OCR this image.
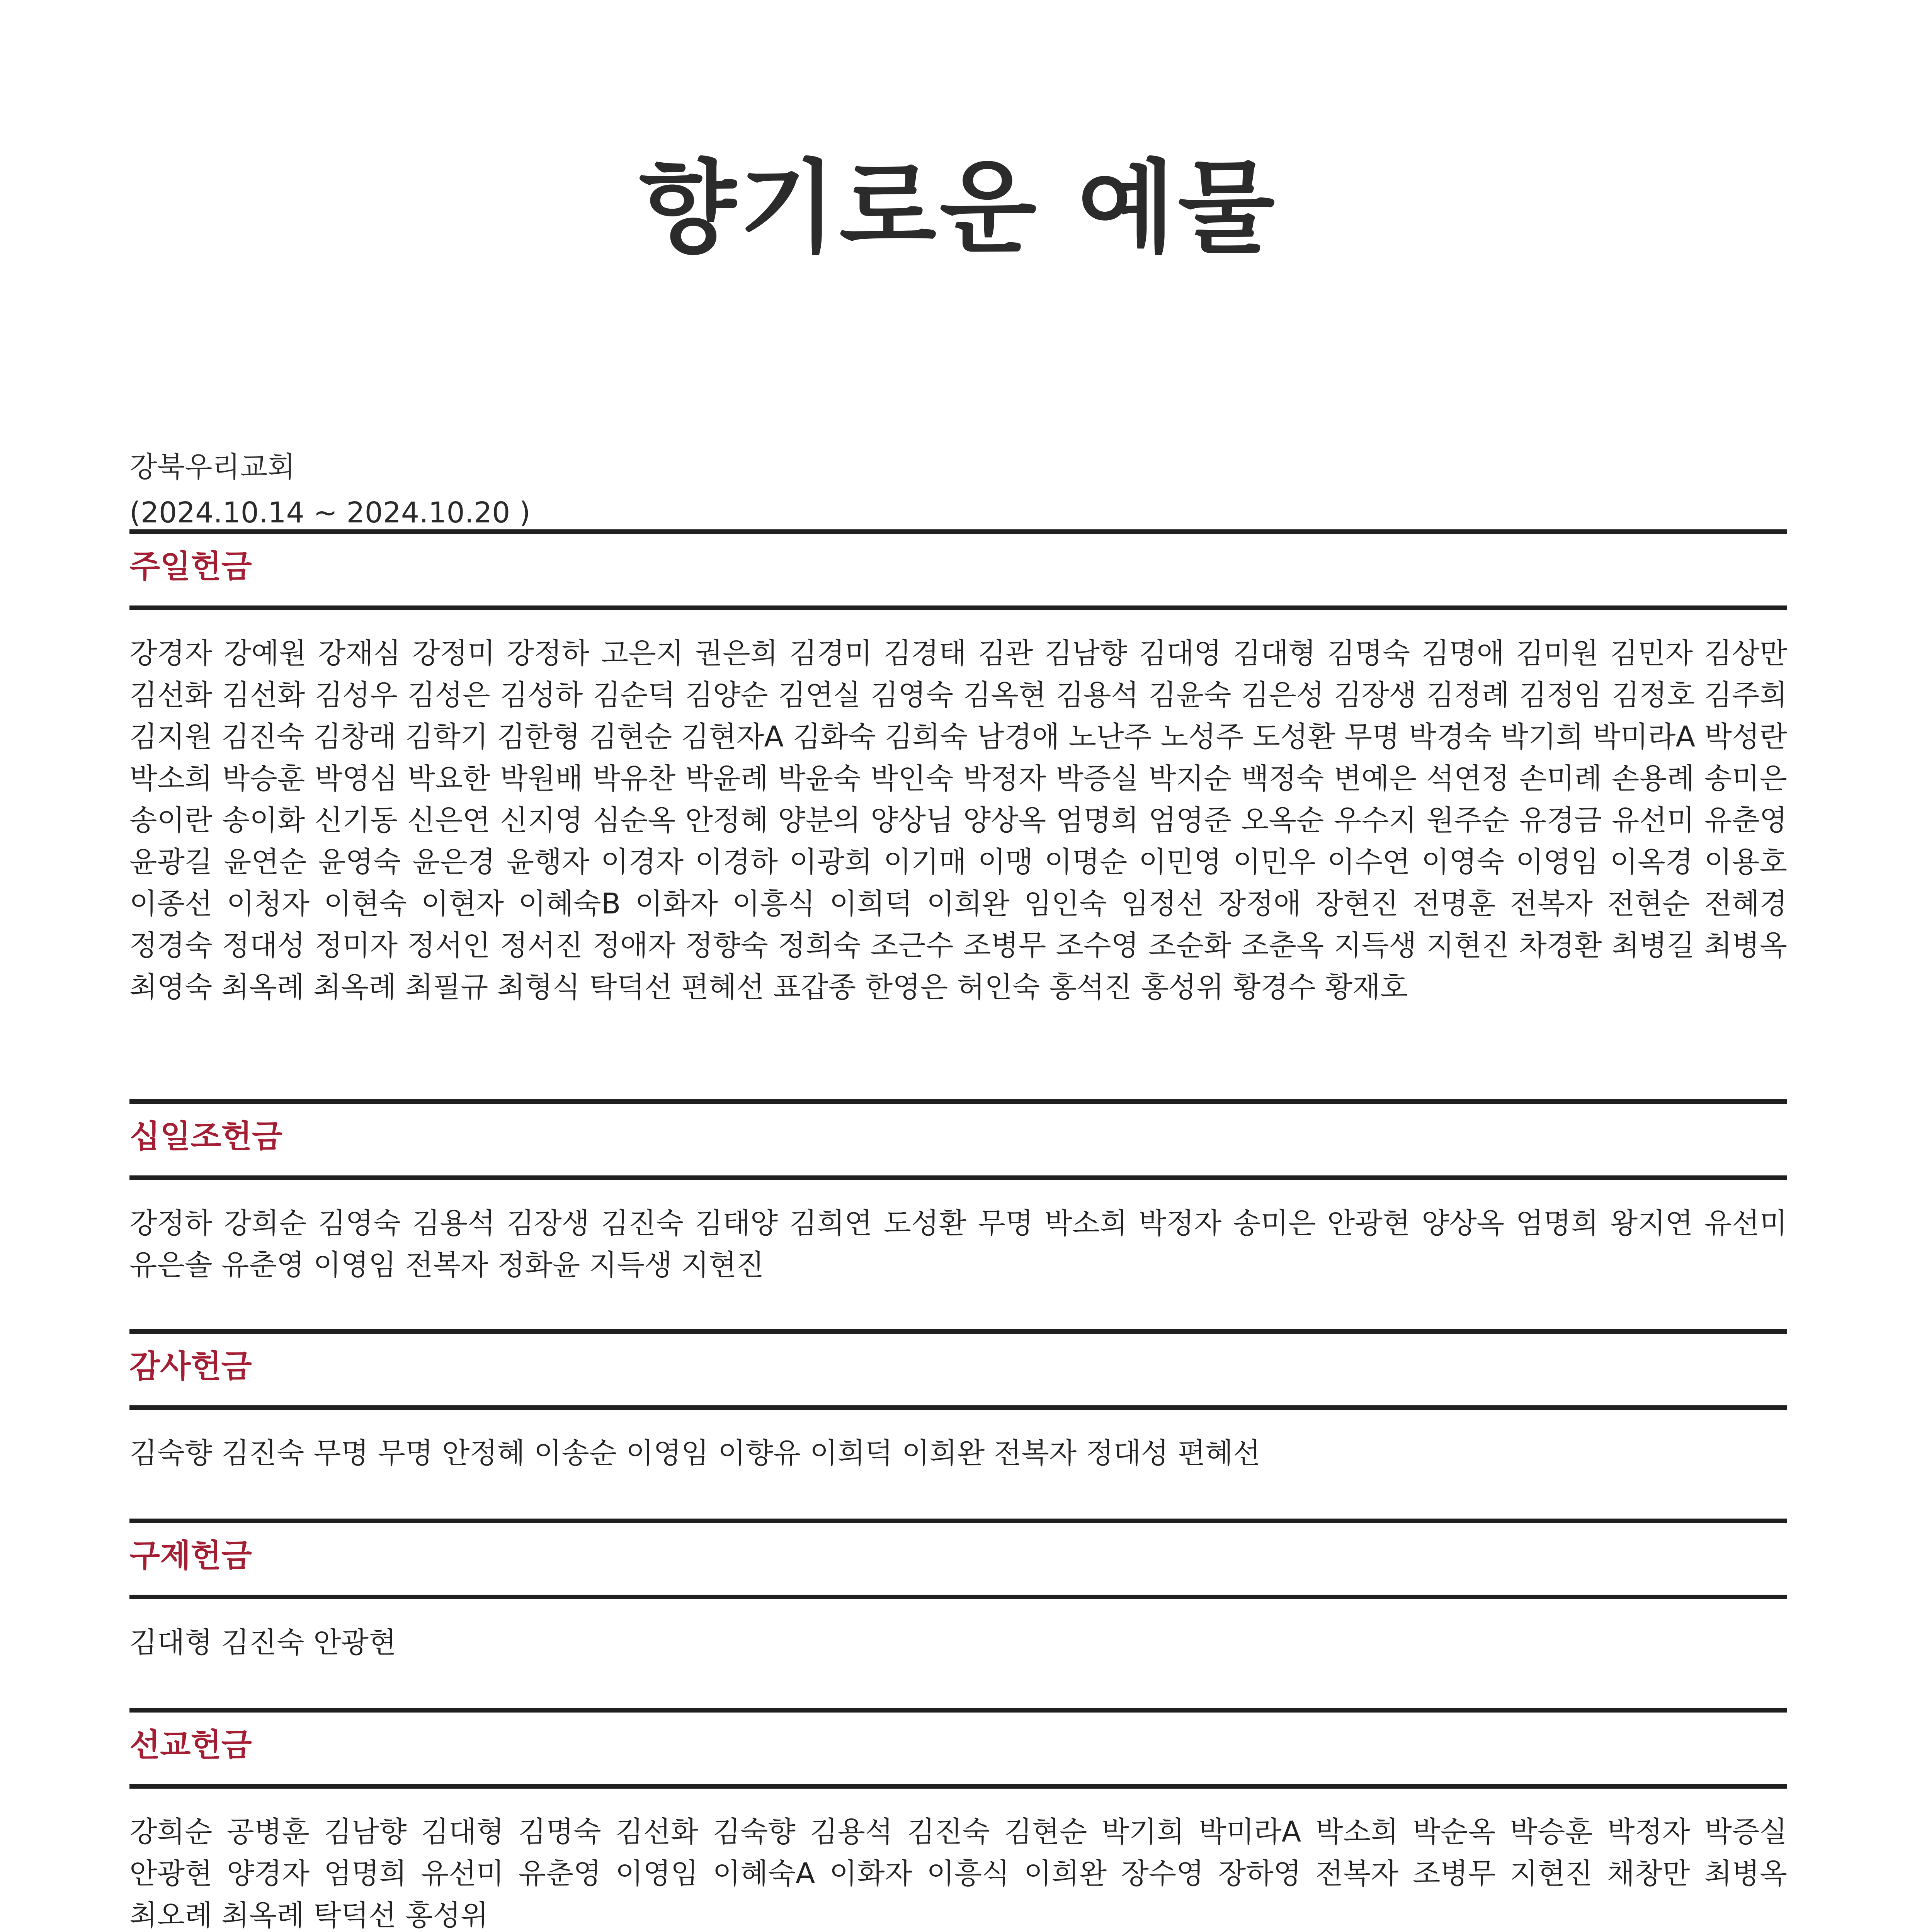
향기로운 예물
강북우리교회
(2024.10.14 ~ 2024.10.20 )
주일헌금
강경자 강예원 강재심 강정미 강정하 고은지 권은희 김경미 김경태 김관 김남향 김대영 김대형 김명숙 김명애 김미원 김민자 김상만 김선화 김선화 김성우 김성은 김성하 김순덕 김양순 김연실 김영숙 김옥현 김용석 김윤숙 김은성 김장생 김정례 김정임 김정호 김주희 김지원 김진숙 김창래 김학기 김한형 김현순 김현자A 김화숙 김희숙 남경애 노난주 노성주 도성환 무명 박경숙 박기희 박미라A 박성란 박소희 박승훈 박영심 박요한 박원배 박유찬 박윤례 박윤숙 박인숙 박정자 박증실 박지순 백정숙 변예은 석연정 손미례 손용례 송미은 송이란 송이화 신기동 신은연 신지영 심순옥 안정혜 양분의 양상님 양상옥 엄명희 엄영준 오옥순 우수지 원주순 유경금 유선미 유춘영 윤광길 윤연순 윤영숙 윤은경 윤행자 이경자 이경하 이광희 이기매 이맹 이명순 이민영 이민우 이수연 이영숙 이영임 이옥경 이용호 이종선 이청자 이현숙 이현자 이혜숙B 이화자 이흥식 이희덕 이희완 임인숙 임정선 장정애 장현진 전명훈 전복자 전현순 전혜경 정경숙 정대성 정미자 정서인 정서진 정애자 정향숙 정희숙 조근수 조병무 조수영 조순화 조춘옥 지득생 지현진 차경환 최병길 최병옥 최영숙 최옥례 최옥례 최필규 최형식 탁덕선 편혜선 표갑종 한영은 허인숙 홍석진 홍성위 황경수 황재호
십일조헌금
강정하 강희순 김영숙 김용석 김장생 김진숙 김태양 김희연 도성환 무명 박소희 박정자 송미은 안광현 양상옥 엄명희 왕지연 유선미 유은솔 유춘영 이영임 전복자 정화윤 지득생 지현진
감사헌금
김숙향 김진숙 무명 무명 안정혜 이송순 이영임 이향유 이희덕 이희완 전복자 정대성 편혜선
구제헌금
김대형 김진숙 안광현
선교헌금
강희순 공병훈 김남향 김대형 김명숙 김선화 김숙향 김용석 김진숙 김현순 박기희 박미라A 박소희 박순옥 박승훈 박정자 박증실 안광현 양경자 엄명희 유선미 유춘영 이영임 이혜숙A 이화자 이흥식 이희완 장수영 장하영 전복자 조병무 지현진 채창만 최병옥 최오례 최옥례 탁덕선 홍성위
